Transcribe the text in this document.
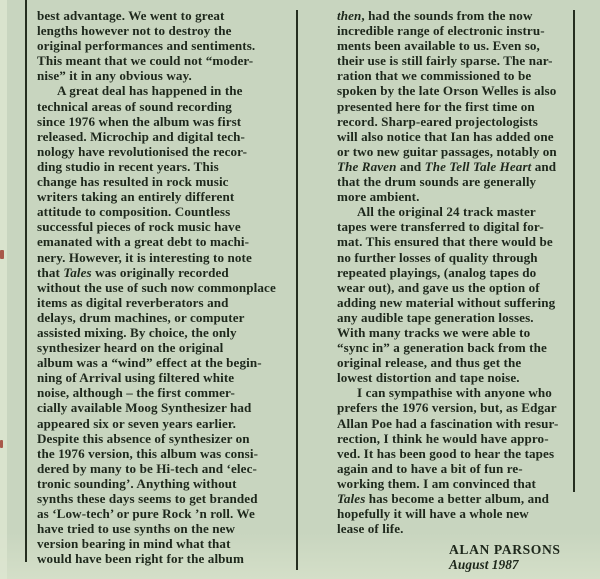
best advantage. We went to great
lengths however not to destroy the
original performances and sentiments.
This meant that we could not “moder-
nise” it in any obvious way.
A great deal has happened in the
technical areas of sound recording
since 1976 when the album was first
released. Microchip and digital tech-
nology have revolutionised the recor-
ding studio in recent years. This
change has resulted in rock music
writers taking an entirely different
attitude to composition. Countless
successful pieces of rock music have
emanated with a great debt to machi-
nery. However, it is interesting to note
that Tales was originally recorded
without the use of such now commonplace
items as digital reverberators and
delays, drum machines, or computer
assisted mixing. By choice, the only
synthesizer heard on the original
album was a “wind” effect at the begin-
ning of Arrival using filtered white
noise, although – the first commer-
cially available Moog Synthesizer had
appeared six or seven years earlier.
Despite this absence of synthesizer on
the 1976 version, this album was consi-
dered by many to be Hi-tech and ‘elec-
tronic sounding’. Anything without
synths these days seems to get branded
as ‘Low-tech’ or pure Rock ’n roll. We
have tried to use synths on the new
version bearing in mind what that
would have been right for the album
then, had the sounds from the now
incredible range of electronic instru-
ments been available to us. Even so,
their use is still fairly sparse. The nar-
ration that we commissioned to be
spoken by the late Orson Welles is also
presented here for the first time on
record. Sharp-eared projectologists
will also notice that Ian has added one
or two new guitar passages, notably on
The Raven and The Tell Tale Heart and
that the drum sounds are generally
more ambient.
All the original 24 track master
tapes were transferred to digital for-
mat. This ensured that there would be
no further losses of quality through
repeated playings, (analog tapes do
wear out), and gave us the option of
adding new material without suffering
any audible tape generation losses.
With many tracks we were able to
“sync in” a generation back from the
original release, and thus get the
lowest distortion and tape noise.
I can sympathise with anyone who
prefers the 1976 version, but, as Edgar
Allan Poe had a fascination with resur-
rection, I think he would have appro-
ved. It has been good to hear the tapes
again and to have a bit of fun re-
working them. I am convinced that
Tales has become a better album, and
hopefully it will have a whole new
lease of life.
ALAN PARSONS
August 1987
